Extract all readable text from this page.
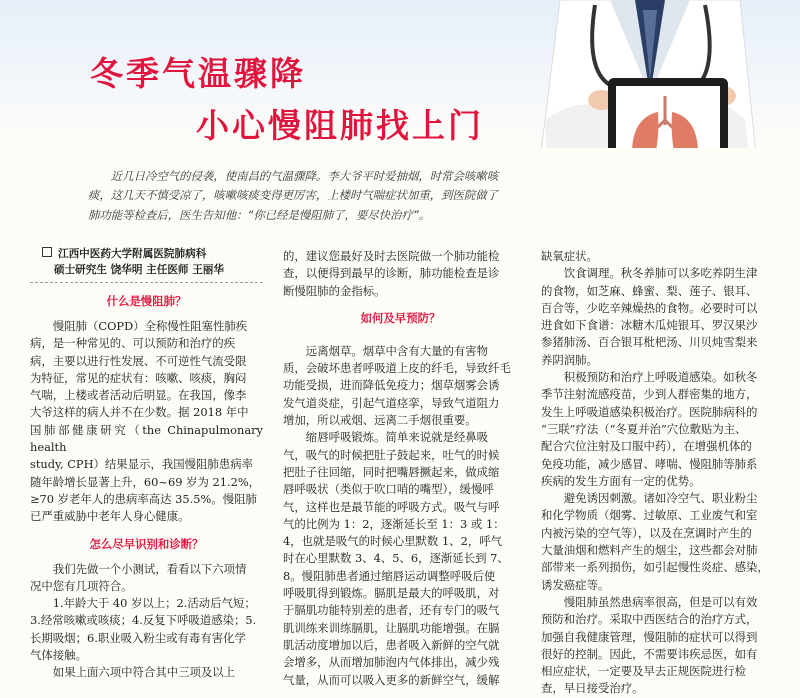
冬季气温骤降
小心慢阻肺找上门
近几日冷空气的侵袭，使南昌的气温骤降。李大爷平时爱抽烟，时常会咳嗽咳
痰，这几天不慎受凉了，咳嗽咳痰变得更厉害，上楼时气喘症状加重，到医院做了
肺功能等检查后，医生告知他：“你已经是慢阻肺了，要尽快治疗”。
江西中医药大学附属医院肺病科
硕士研究生 饶华明 主任医师 王丽华
什么是慢阻肺？

慢阻肺（COPD）全称慢性阻塞性肺疾

病，是一种常见的、可以预防和治疗的疾
病，主要以进行性发展、不可逆性气流受限
为特征，常见的症状有：咳嗽、咳痰，胸闷
气喘，上楼或者活动后明显。在我国，像李
大爷这样的病人并不在少数。据 2018 年中
国肺部健康研究（the Chinapulmonary health
study, CPH）结果显示，我国慢阻肺患病率
随年龄增长显著上升，60~69 岁为 21.2%，
≥70 岁老年人的患病率高达 35.5%。慢阻肺
已严重威胁中老年人身心健康。
怎么尽早识别和诊断？

我们先做一个小测试，看看以下六项情

况中您有几项符合。

1.年龄大于 40 岁以上；2.活动后气短；

3.经常咳嗽或咳痰；4.反复下呼吸道感染；5.
长期吸烟；6.职业吸入粉尘或有毒有害化学
气体接触。

如果上面六项中符合其中三项及以上

的，建议您最好及时去医院做一个肺功能检
查，以便得到最早的诊断，肺功能检查是诊
断慢阻肺的金指标。
如何及早预防？

远离烟草。烟草中含有大量的有害物

质，会破坏患者呼吸道上皮的纤毛，导致纤毛
功能受损，进而降低免疫力；烟草烟雾会诱
发气道炎症，引起气道痉挛，导致气道阻力
增加，所以戒烟、远离二手烟很重要。

缩唇呼吸锻炼。简单来说就是经鼻吸

气，吸气的时候把肚子鼓起来，吐气的时候
把肚子往回缩，同时把嘴唇撅起来，做成缩
唇呼吸状（类似于吹口哨的嘴型），缓慢呼
气，这样也是最节能的呼吸方式。吸气与呼
气的比例为 1：2，逐渐延长至 1：3 或 1：
4，也就是吸气的时候心里默数 1、2，呼气
时在心里默数 3、4、5、6，逐渐延长到 7、
8。慢阻肺患者通过缩唇运动调整呼吸后使
呼吸肌得到锻炼。膈肌是最大的呼吸肌，对
于膈肌功能特别差的患者，还有专门的吸气
肌训练来训练膈肌，让膈肌功能增强。在膈
肌活动度增加以后，患者吸入新鲜的空气就
会增多，从而增加肺泡内气体排出，减少残
气量，从而可以吸入更多的新鲜空气，缓解
缺氧症状。

饮食调理。秋冬养肺可以多吃养阴生津

的食物，如芝麻、蜂蜜、梨、莲子、银耳、
百合等，少吃辛辣燥热的食物。必要时可以
进食如下食谱：冰糖木瓜炖银耳、罗汉果沙
参猪肺汤、百合银耳枇杷汤、川贝炖雪梨来
养阴润肺。

积极预防和治疗上呼吸道感染。如秋冬

季节注射流感疫苗，少到人群密集的地方，
发生上呼吸道感染积极治疗。医院肺病科的
“三联”疗法（“冬夏并治”穴位敷贴为主、
配合穴位注射及口服中药），在增强机体的
免疫功能，减少感冒、哮喘、慢阻肺等肺系
疾病的发生方面有一定的优势。

避免诱因刺激。诸如冷空气、职业粉尘

和化学物质（烟雾、过敏原、工业废气和室
内被污染的空气等），以及在烹调时产生的
大量油烟和燃料产生的烟尘，这些都会对肺
部带来一系列损伤，如引起慢性炎症、感染，
诱发癌症等。

慢阻肺虽然患病率很高，但是可以有效

预防和治疗。采取中西医结合的治疗方式，
加强自我健康管理，慢阻肺的症状可以得到
很好的控制。因此，不需要讳疾忌医，如有
相应症状，一定要及早去正规医院进行检
查，早日接受治疗。
